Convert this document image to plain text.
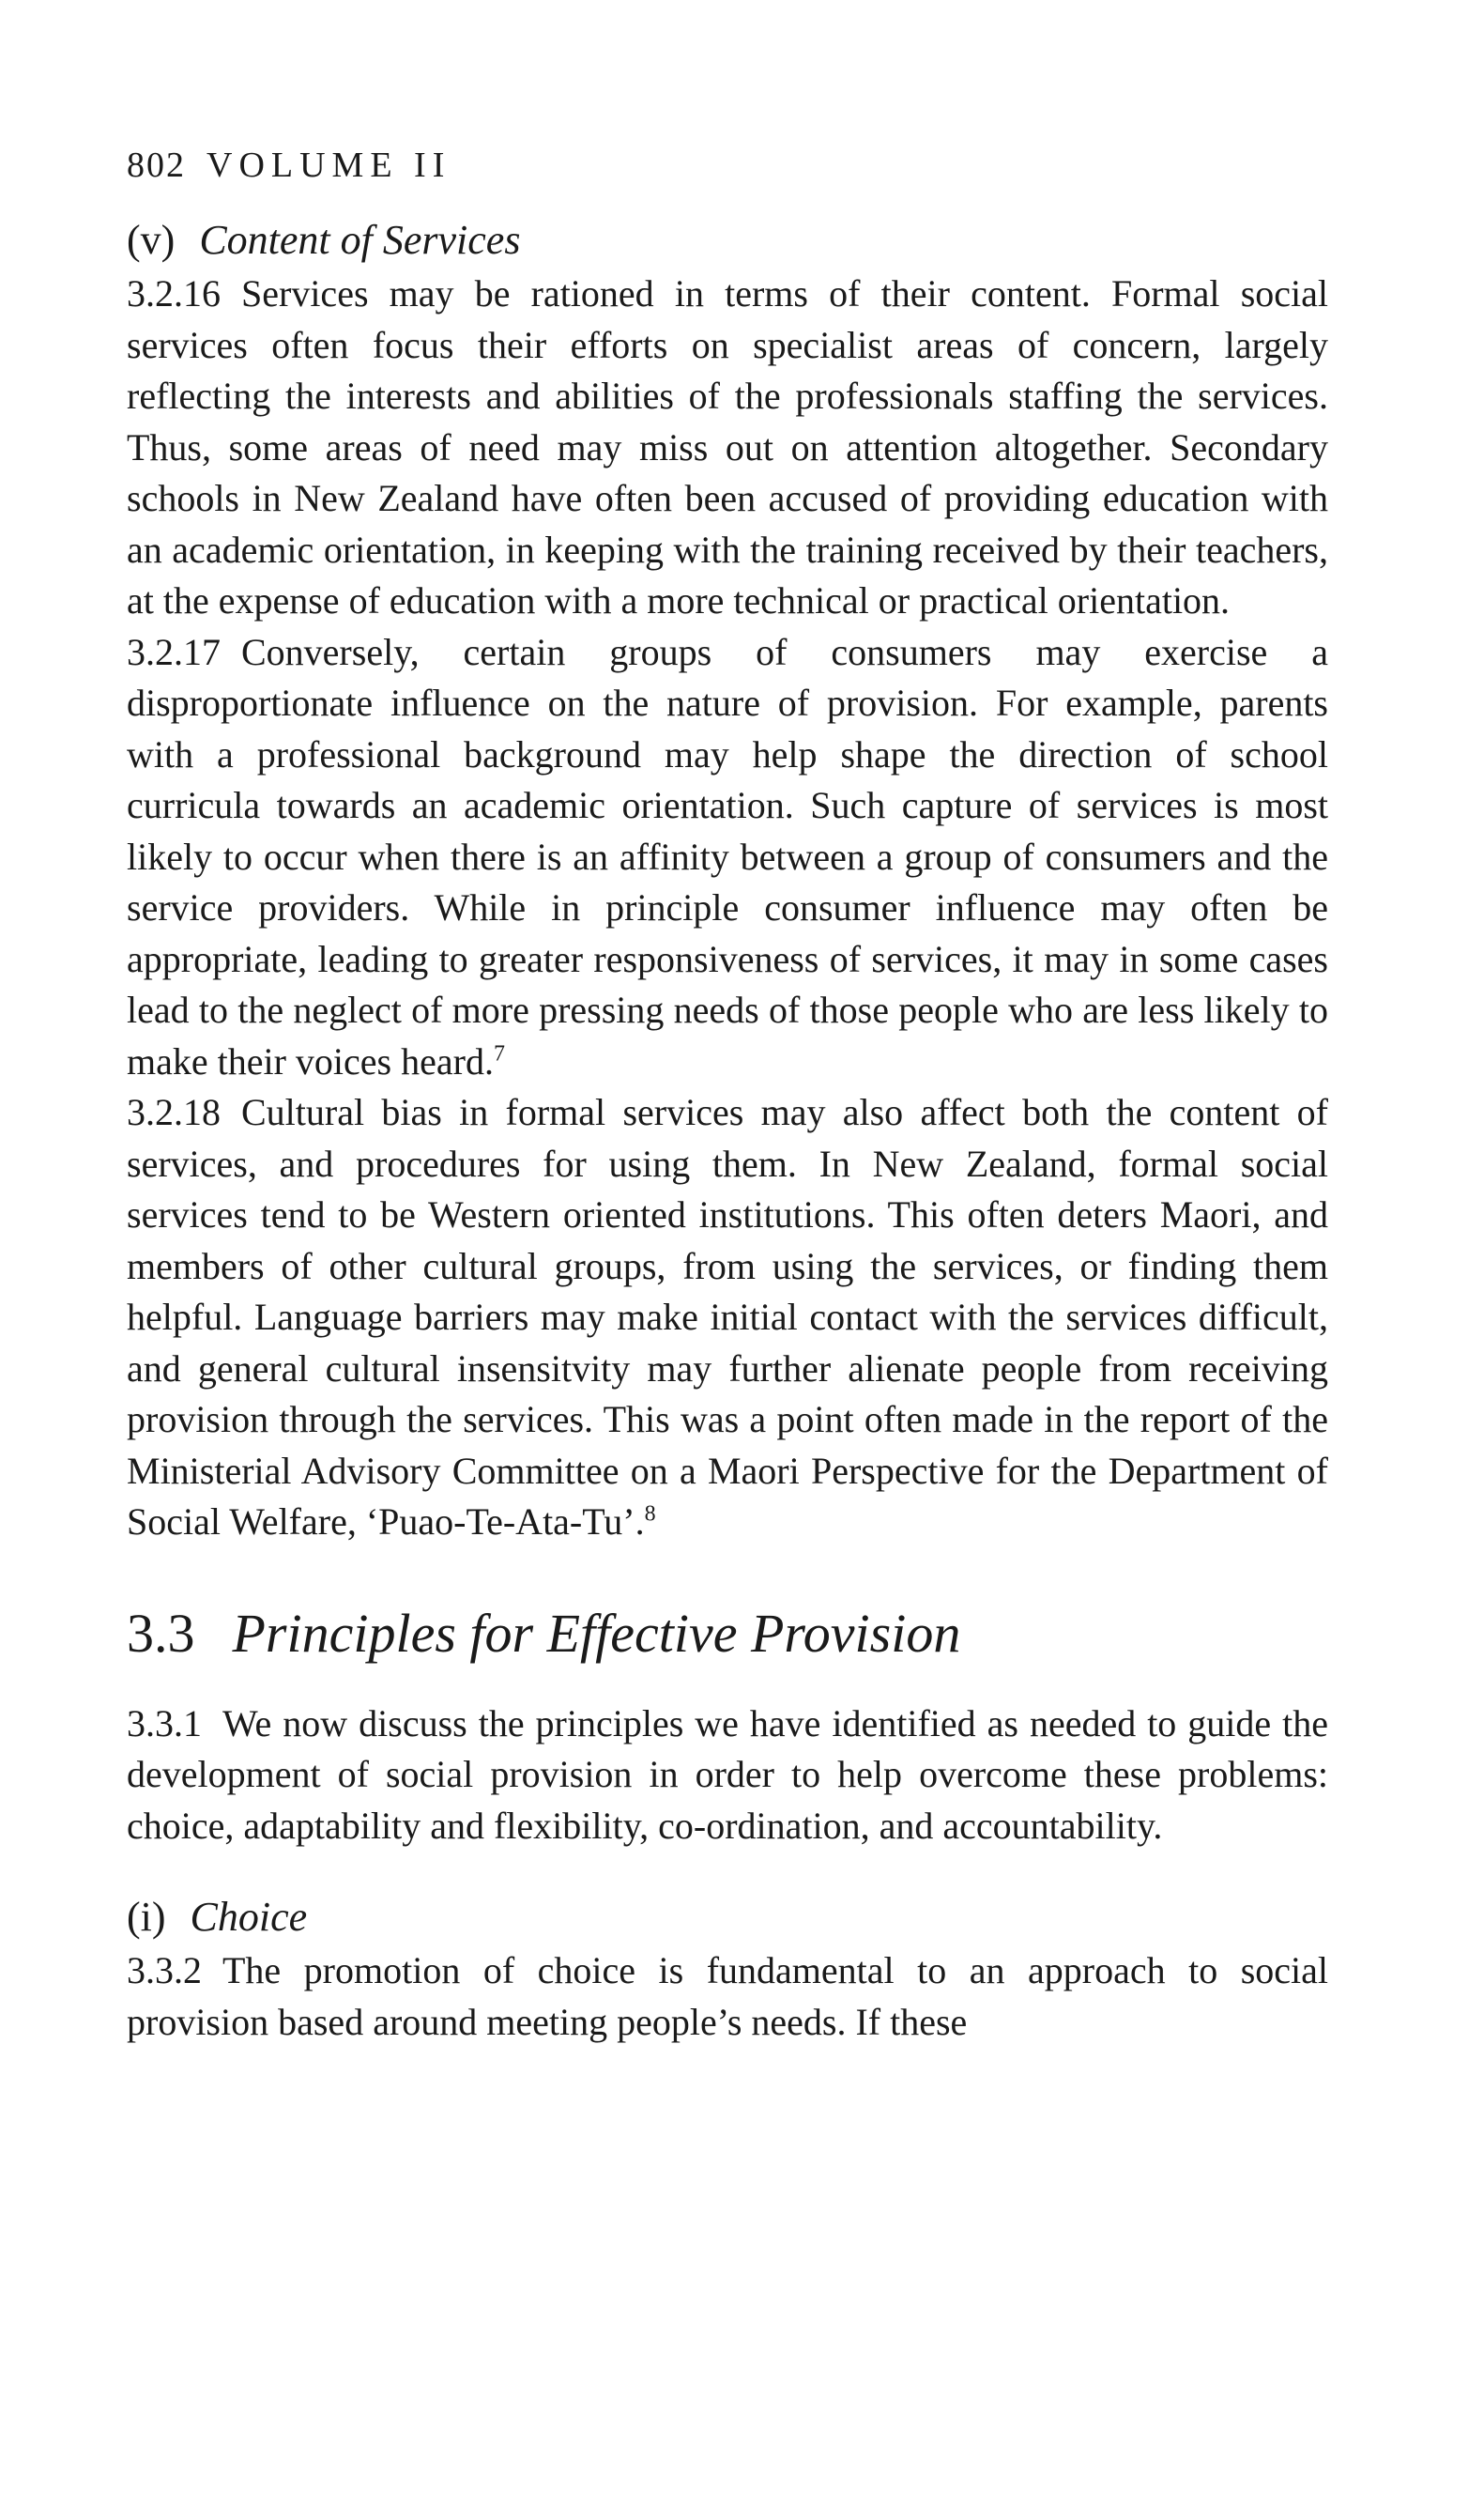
802 VOLUME II
(v) Content of Services

3.2.16 Services may be rationed in terms of their content. Formal social services often focus their efforts on specialist areas of concern, largely reflecting the interests and abilities of the professionals staffing the services. Thus, some areas of need may miss out on attention altogether. Secondary schools in New Zealand have often been accused of providing education with an academic orientation, in keeping with the training received by their teachers, at the expense of education with a more technical or practical orientation.

3.2.17 Conversely, certain groups of consumers may exercise a disproportionate influence on the nature of provision. For example, parents with a professional background may help shape the direction of school curricula towards an academic orientation. Such capture of services is most likely to occur when there is an affinity between a group of consumers and the service providers. While in principle consumer influence may often be appropriate, leading to greater responsiveness of services, it may in some cases lead to the neglect of more pressing needs of those people who are less likely to make their voices heard.$^7$

3.2.18 Cultural bias in formal services may also affect both the content of services, and procedures for using them. In New Zealand, formal social services tend to be Western oriented institutions. This often deters Maori, and members of other cultural groups, from using the services, or finding them helpful. Language barriers may make initial contact with the services difficult, and general cultural insensitvity may further alienate people from receiving provision through the services. This was a point often made in the report of the Ministerial Advisory Committee on a Maori Perspective for the Department of Social Welfare, ‘Puao-Te-Ata-Tu’.$^8$

3.3 Principles for Effective Provision

3.3.1 We now discuss the principles we have identified as needed to guide the development of social provision in order to help overcome these problems: choice, adaptability and flexibility, co-ordination, and accountability.

(i) Choice

3.3.2 The promotion of choice is fundamental to an approach to social provision based around meeting people’s needs. If these
